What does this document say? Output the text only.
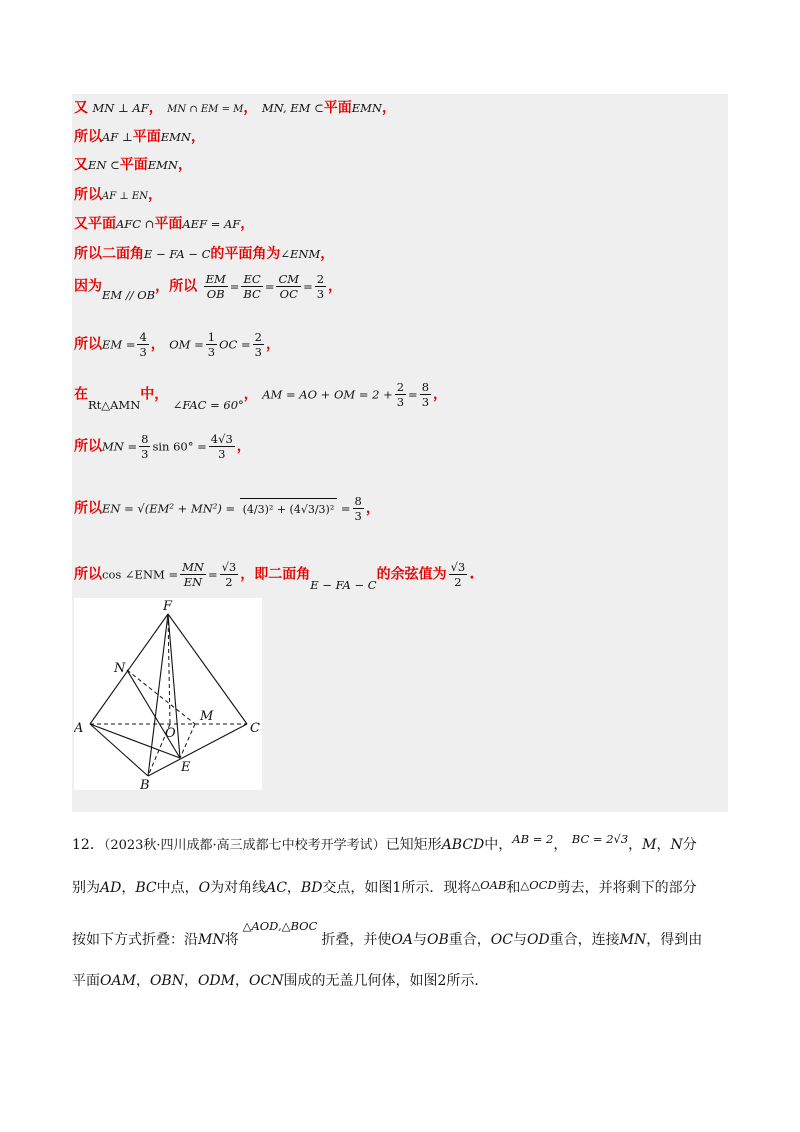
又 MN ⊥ AF， MN ∩ EM = M， MN, EM ⊂平面EMN，
所以AF ⊥平面EMN，
又EN ⊂平面EMN，
所以AF ⊥ EN，
又平面AFC ∩平面AEF = AF，
所以二面角E − FA − C的平面角为∠ENM，
因为$_{EM // OB}$，所以 $\frac{EM}{OB} = \frac{EC}{BC} = \frac{CM}{OC} = \frac{2}{3}$ ，
所以EM = $\frac{4}{3}$ ， OM = $\frac{1}{3}$ OC = $\frac{2}{3}$ ，
在$_{Rt\triangle AMN}$中， $_{\angle FAC = 60^\circ}$， AM = AO + OM = $2 + \frac{2}{3} = \frac{8}{3}$ ，
所以MN = $\frac{8}{3}$ $\sin 60^\circ = \frac{4√3}{3}$ ，
所以EN = $√(EM^2 + MN^2) = (4/3)^2 + (4√3/3)^2 = \frac{8}{3}$ ，
所以cos ∠ENM = $\frac{MN}{EN} = \frac{√3}{2}$ ，即二面角$_{E - FA - C}$的余弦值为 $\frac{√3}{2}$ .
F
N
M
A	O	C
E
B
12．（2023秋·四川成都·高三成都七中校考开学考试）已知矩形ABCD中，$^{AB = 2}$， $^{BC = 2√3}$，M，N分
别为AD，BC中点，O为对角线AC，BD交点，如图1所示．现将$^{\triangle OAB}$和$^{\triangle OCD}$剪去，并将剩下的部分
按如下方式折叠：沿MN将$^{\triangle AOD,\triangle BOC}$折叠，并使OA与OB重合，OC与OD重合，连接MN，得到由
平面OAM，OBN，ODM，OCN围成的无盖几何体，如图2所示．
